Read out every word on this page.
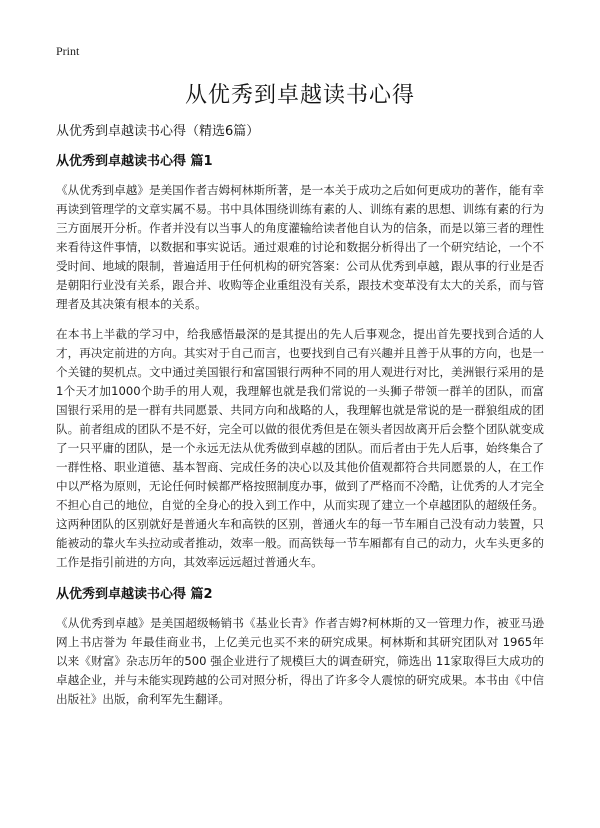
Print
从优秀到卓越读书心得

从优秀到卓越读书心得（精选6篇）

从优秀到卓越读书心得 篇1

《从优秀到卓越》是美国作者吉姆柯林斯所著，是一本关于成功之后如何更成功的著作，能有幸再读到管理学的文章实属不易。书中具体围绕训练有素的人、训练有素的思想、训练有素的行为三方面展开分析。作者并没有以当事人的角度灌输给读者他自认为的信条，而是以第三者的理性来看待这件事情，以数据和事实说话。通过艰难的讨论和数据分析得出了一个研究结论，一个不受时间、地域的限制，普遍适用于任何机构的研究答案：公司从优秀到卓越，跟从事的行业是否是朝阳行业没有关系，跟合并、收购等企业重组没有关系，跟技术变革没有太大的关系，而与管理者及其决策有根本的关系。

在本书上半截的学习中，给我感悟最深的是其提出的先人后事观念，提出首先要找到合适的人才，再决定前进的方向。其实对于自己而言，也要找到自己有兴趣并且善于从事的方向，也是一个关键的契机点。文中通过美国银行和富国银行两种不同的用人观进行对比，美洲银行采用的是1个天才加1000个助手的用人观，我理解也就是我们常说的一头狮子带领一群羊的团队，而富国银行采用的是一群有共同愿景、共同方向和战略的人，我理解也就是常说的是一群狼组成的团队。前者组成的团队不是不好，完全可以做的很优秀但是在领头者因故离开后会整个团队就变成了一只平庸的团队，是一个永远无法从优秀做到卓越的团队。而后者由于先人后事，始终集合了一群性格、职业道德、基本智商、完成任务的决心以及其他价值观都符合共同愿景的人，在工作中以严格为原则，无论任何时候都严格按照制度办事，做到了严格而不冷酷，让优秀的人才完全不担心自己的地位，自觉的全身心的投入到工作中，从而实现了建立一个卓越团队的超级任务。这两种团队的区别就好是普通火车和高铁的区别，普通火车的每一节车厢自己没有动力装置，只能被动的靠火车头拉动或者推动，效率一般。而高铁每一节车厢都有自己的动力，火车头更多的工作是指引前进的方向，其效率远远超过普通火车。

从优秀到卓越读书心得 篇2

《从优秀到卓越》是美国超级畅销书《基业长青》作者吉姆?柯林斯的又一管理力作，被亚马逊网上书店誉为 年最佳商业书，上亿美元也买不来的研究成果。柯林斯和其研究团队对 1965年以来《财富》杂志历年的500 强企业进行了规模巨大的调查研究，筛选出 11家取得巨大成功的卓越企业，并与未能实现跨越的公司对照分析，得出了许多令人震惊的研究成果。本书由《中信出版社》出版，俞利军先生翻译。
